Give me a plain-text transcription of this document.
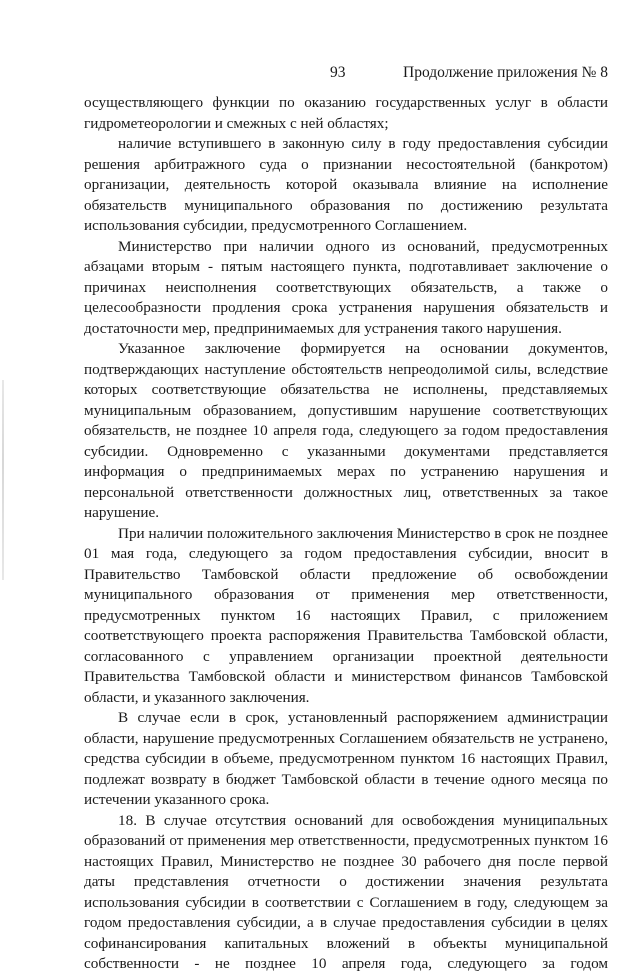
93	Продолжение приложения № 8

осуществляющего функции по оказанию государственных услуг в области гидрометеорологии и смежных с ней областях;

наличие вступившего в законную силу в году предоставления субсидии решения арбитражного суда о признании несостоятельной (банкротом) организации, деятельность которой оказывала влияние на исполнение обязательств муниципального образования по достижению результата использования субсидии, предусмотренного Соглашением.

Министерство при наличии одного из оснований, предусмотренных абзацами вторым - пятым настоящего пункта, подготавливает заключение о причинах неисполнения соответствующих обязательств, а также о целесообразности продления срока устранения нарушения обязательств и достаточности мер, предпринимаемых для устранения такого нарушения.

Указанное заключение формируется на основании документов, подтверждающих наступление обстоятельств непреодолимой силы, вследствие которых соответствующие обязательства не исполнены, представляемых муниципальным образованием, допустившим нарушение соответствующих обязательств, не позднее 10 апреля года, следующего за годом предоставления субсидии. Одновременно с указанными документами представляется информация о предпринимаемых мерах по устранению нарушения и персональной ответственности должностных лиц, ответственных за такое нарушение.

При наличии положительного заключения Министерство в срок не позднее 01 мая года, следующего за годом предоставления субсидии, вносит в Правительство Тамбовской области предложение об освобождении муниципального образования от применения мер ответственности, предусмотренных пунктом 16 настоящих Правил, с приложением соответствующего проекта распоряжения Правительства Тамбовской области, согласованного с управлением организации проектной деятельности Правительства Тамбовской области и министерством финансов Тамбовской области, и указанного заключения.

В случае если в срок, установленный распоряжением администрации области, нарушение предусмотренных Соглашением обязательств не устранено, средства субсидии в объеме, предусмотренном пунктом 16 настоящих Правил, подлежат возврату в бюджет Тамбовской области в течение одного месяца по истечении указанного срока.

18. В случае отсутствия оснований для освобождения муниципальных образований от применения мер ответственности, предусмотренных пунктом 16 настоящих Правил, Министерство не позднее 30 рабочего дня после первой даты представления отчетности о достижении значения результата использования субсидии в соответствии с Соглашением в году, следующем за годом предоставления субсидии, а в случае предоставления субсидии в целях софинансирования капитальных вложений в объекты муниципальной собственности - не позднее 10 апреля года, следующего за годом
